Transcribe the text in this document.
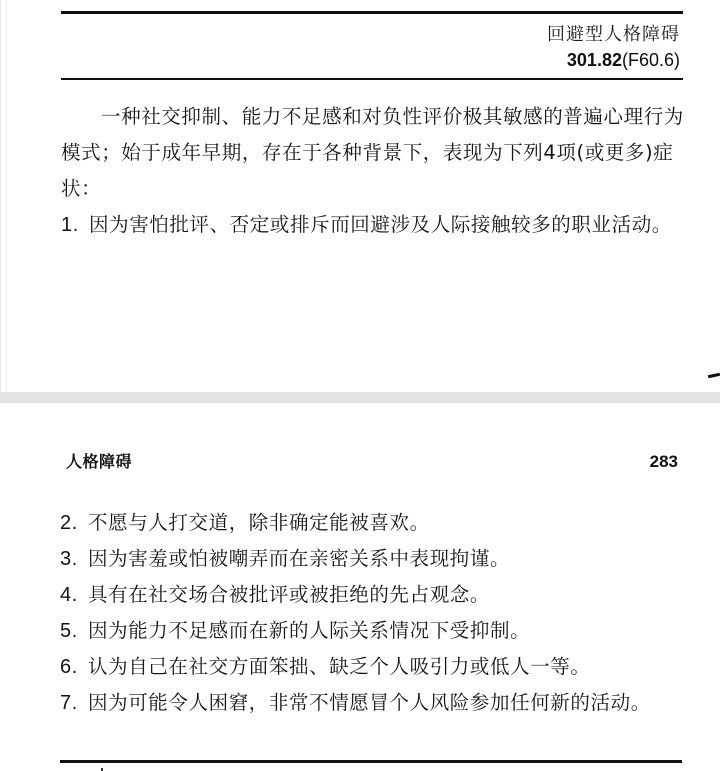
回避型人格障碍
301.82(F60.6)
一种社交抑制、能力不足感和对负性评价极其敏感的普遍心理行为模式；始于成年早期，存在于各种背景下，表现为下列4项(或更多)症状：
1. 因为害怕批评、否定或排斥而回避涉及人际接触较多的职业活动。
人格障碍	283
2. 不愿与人打交道，除非确定能被喜欢。
3. 因为害羞或怕被嘲弄而在亲密关系中表现拘谨。
4. 具有在社交场合被批评或被拒绝的先占观念。
5. 因为能力不足感而在新的人际关系情况下受抑制。
6. 认为自己在社交方面笨拙、缺乏个人吸引力或低人一等。
7. 因为可能令人困窘，非常不情愿冒个人风险参加任何新的活动。
